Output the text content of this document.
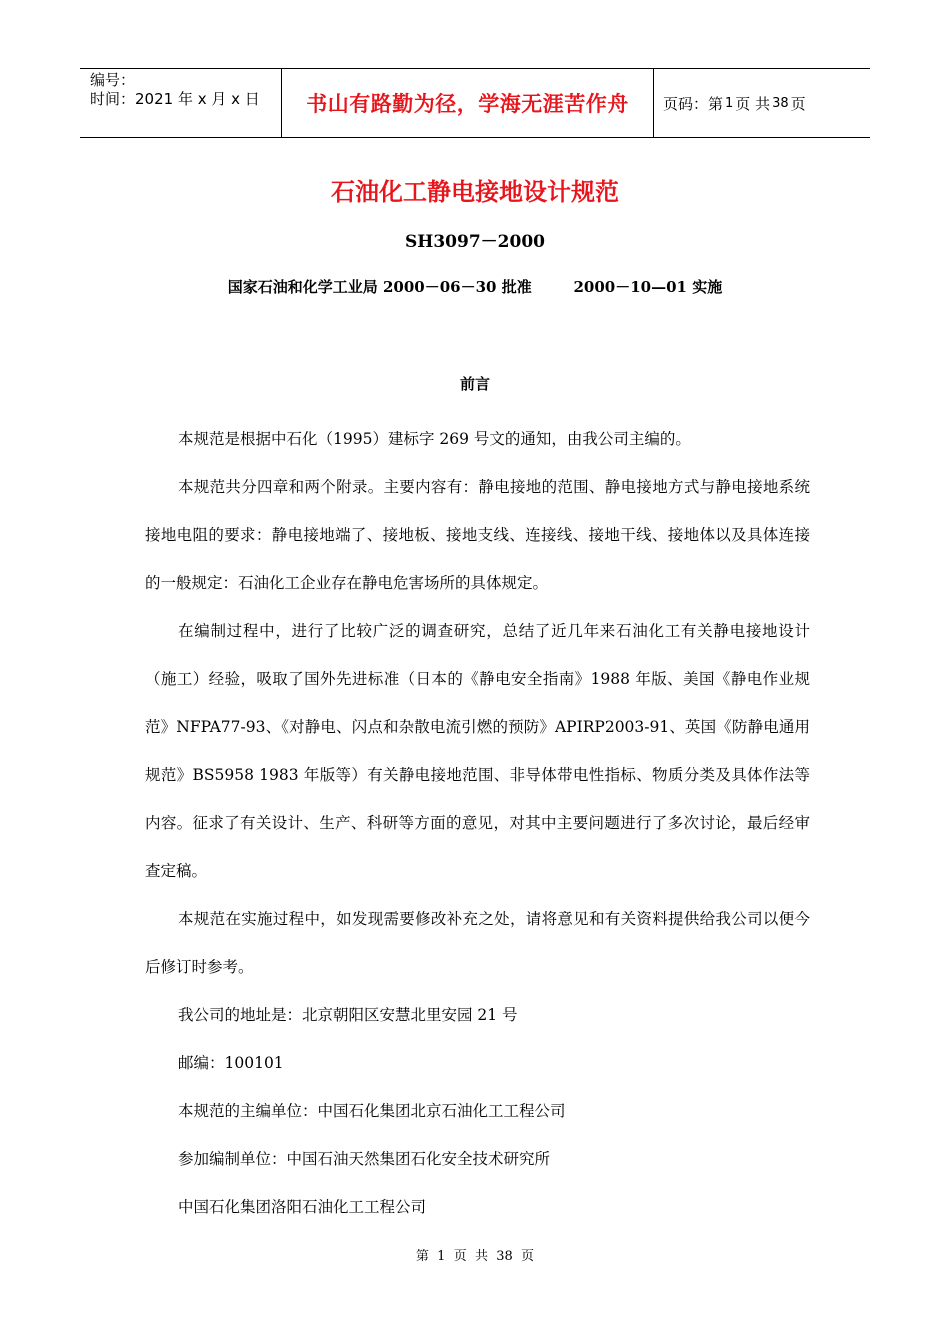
编号：
时间：2021 年 x 月 x 日	书山有路勤为径，学海无涯苦作舟 页码：第 1 页 共 38 页
石油化工静电接地设计规范
SH3097－2000
国家石油和化学工业局 2000－06－30 批准        2000－10—01 实施
前言

本规范是根据中石化（1995）建标字 269 号文的通知，由我公司主编的。

本规范共分四章和两个附录。主要内容有：静电接地的范围、静电接地方式与静电接地系统接地电阻的要求：静电接地端了、接地板、接地支线、连接线、接地干线、接地体以及具体连接的一般规定：石油化工企业存在静电危害场所的具体规定。

在编制过程中，进行了比较广泛的调查研究，总结了近几年来石油化工有关静电接地设计（施工）经验，吸取了国外先进标准（日本的《静电安全指南》1988 年版、美国《静电作业规范》NFPA77-93、《对静电、闪点和杂散电流引燃的预防》APIRP2003-91、英国《防静电通用规范》BS5958 1983 年版等）有关静电接地范围、非导体带电性指标、物质分类及具体作法等内容。征求了有关设计、生产、科研等方面的意见，对其中主要问题进行了多次讨论，最后经审查定稿。

本规范在实施过程中，如发现需要修改补充之处，请将意见和有关资料提供给我公司以便今后修订时参考。

我公司的地址是：北京朝阳区安慧北里安园 21 号

邮编：100101

本规范的主编单位：中国石化集团北京石油化工工程公司

参加编制单位：中国石油天然集团石化安全技术研究所

中国石化集团洛阳石油化工工程公司

第  1  页  共  38  页
